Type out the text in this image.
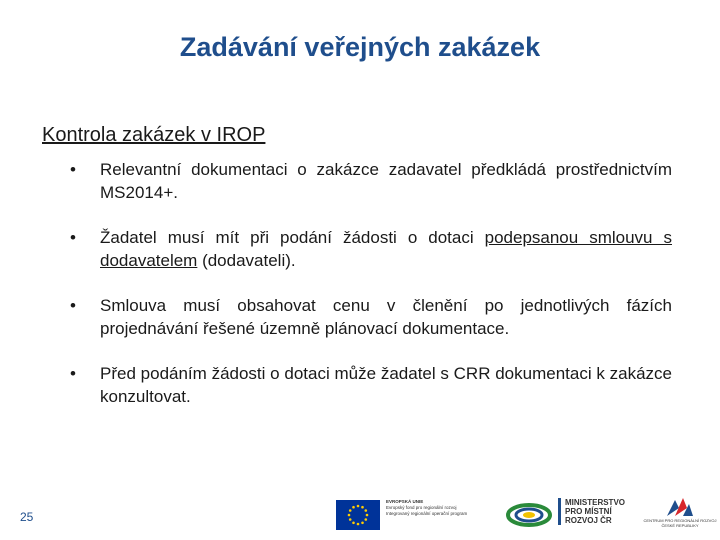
Zadávání veřejných zakázek
Kontrola zakázek v IROP
•	Relevantní dokumentaci o zakázce zadavatel předkládá prostřednictvím MS2014+.
•	Žadatel musí mít při podání žádosti o dotaci podepsanou smlouvu s dodavatelem (dodavateli).
•	Smlouva musí obsahovat cenu v členění po jednotlivých fázích projednávání řešené územně plánovací dokumentace.
•	Před podáním žádosti o dotaci může žadatel s CRR dokumentaci k zakázce konzultovat.
25
EVROPSKÁ UNIE
Evropský fond pro regionální rozvoj
Integrovaný regionální operační program
MINISTERSTVO
PRO MÍSTNÍ
ROZVOJ ČR	CENTRUM PRO REGIONÁLNÍ ROZVOJ
ČESKÉ REPUBLIKY
